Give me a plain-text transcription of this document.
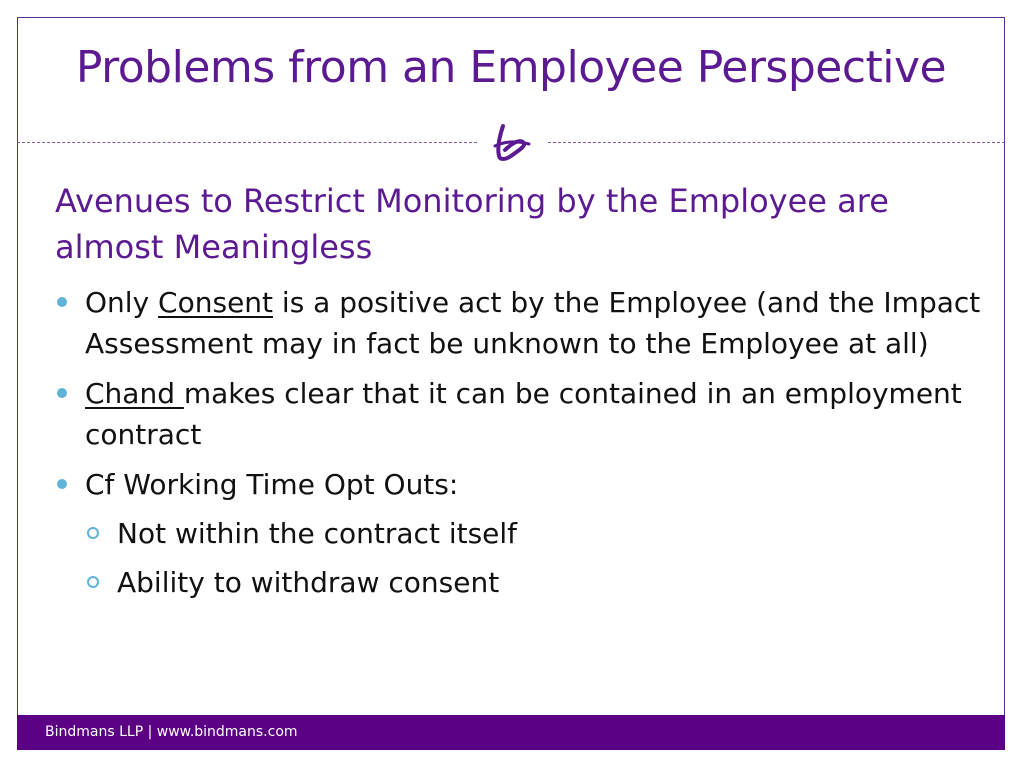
Problems from an Employee Perspective
Avenues to Restrict Monitoring by the Employee are almost Meaningless
Only Consent is a positive act by the Employee (and the Impact Assessment may in fact be unknown to the Employee at all)
Chand makes clear that it can be contained in an employment contract
Cf Working Time Opt Outs:
Not within the contract itself
Ability to withdraw consent
Bindmans LLP | www.bindmans.com
